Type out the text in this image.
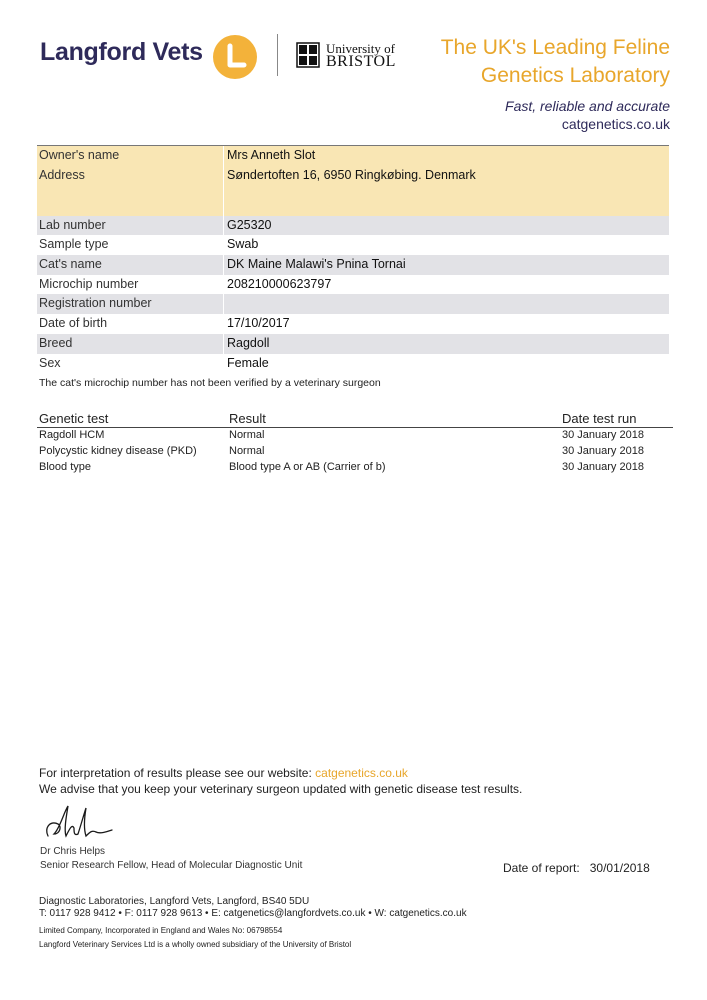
Langford Vets	University of
BRISTOL
The UK's Leading Feline
Genetics Laboratory
Fast, reliable and accurate
catgenetics.co.uk
Owner's name	Mrs Anneth Slot
Address	Søndertoften 16, 6950 Ringkøbing. Denmark
Lab number	G25320
Sample type	Swab
Cat's name	DK Maine Malawi's Pnina Tornai
Microchip number	208210000623797
Registration number
Date of birth	17/10/2017
Breed	Ragdoll
Sex	Female
The cat's microchip number has not been verified by a veterinary surgeon
Genetic test	Result	Date test run
Ragdoll HCM	Normal	30 January 2018
Polycystic kidney disease (PKD)	Normal	30 January 2018
Blood type	Blood type A or AB (Carrier of b)	30 January 2018
For interpretation of results please see our website: catgenetics.co.uk
We advise that you keep your veterinary surgeon updated with genetic disease test results.
Dr Chris Helps
Senior Research Fellow, Head of Molecular Diagnostic Unit	Date of report: 30/01/2018
Diagnostic Laboratories, Langford Vets, Langford, BS40 5DU
T: 0117 928 9412 • F: 0117 928 9613 • E: catgenetics@langfordvets.co.uk • W: catgenetics.co.uk
Limited Company, Incorporated in England and Wales No: 06798554
Langford Veterinary Services Ltd is a wholly owned subsidiary of the University of Bristol
